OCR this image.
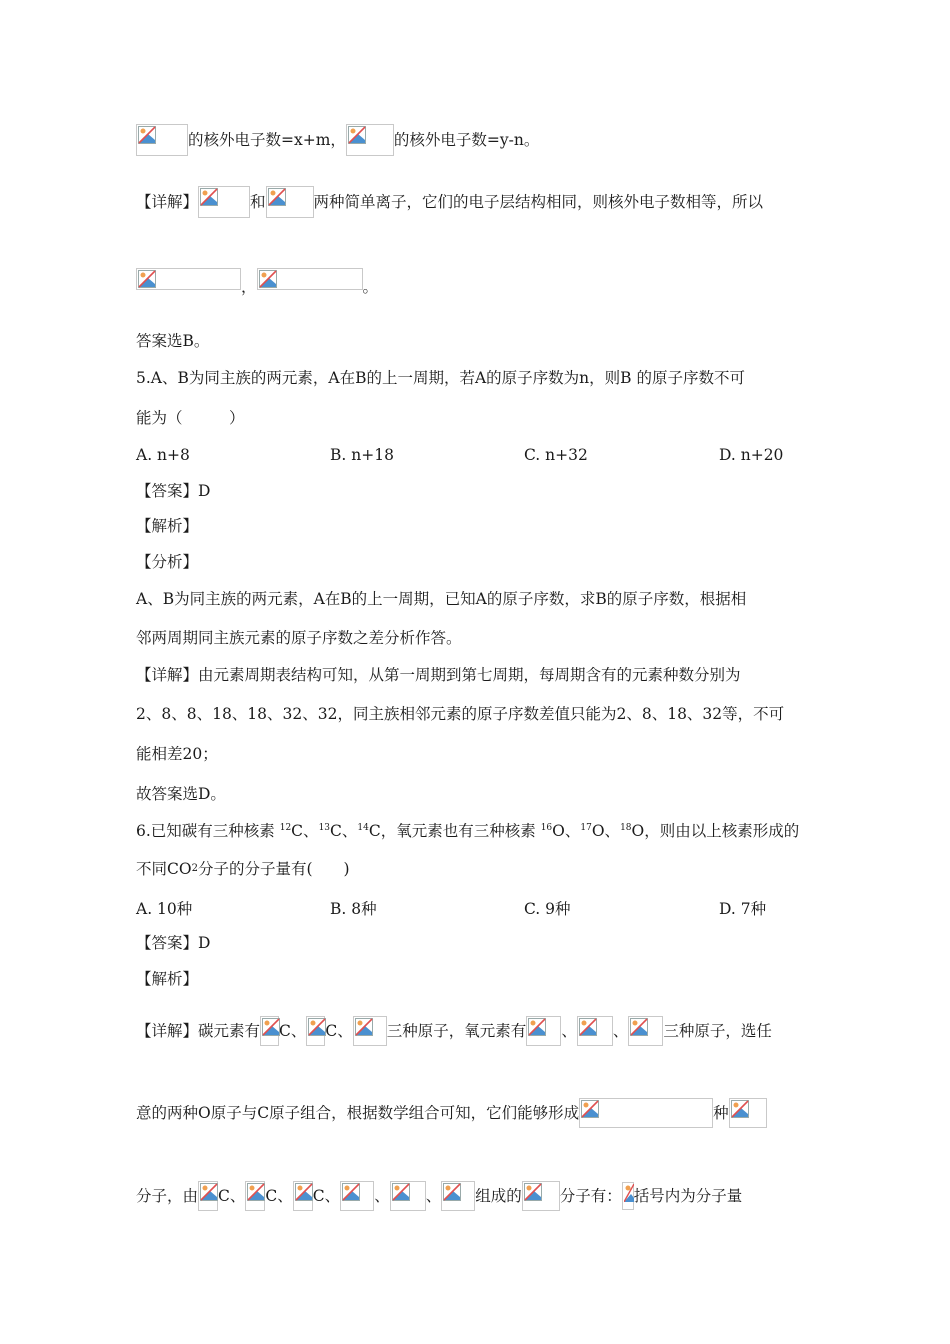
的核外电子数=x+m，	的核外电子数=y-n。
【详解】	和	两种简单离子，它们的电子层结构相同，则核外电子数相等，所以
，	。
答案选B。
5.A、B为同主族的两元素，A在B的上一周期，若A的原子序数为n，则B 的原子序数不可
能为（　　　）
A. n+8	B. n+18	C. n+32	D. n+20
【答案】D
【解析】
【分析】
A、B为同主族的两元素，A在B的上一周期，已知A的原子序数，求B的原子序数，根据相
邻两周期同主族元素的原子序数之差分析作答。
【详解】由元素周期表结构可知，从第一周期到第七周期，每周期含有的元素种数分别为
2、8、8、18、18、32、32，同主族相邻元素的原子序数差值只能为2、8、18、32等，不可
能相差20；
故答案选D。
6.已知碳有三种核素 $^{12}$C、$^{13}$C、$^{14}$C，氧元素也有三种核素 $^{16}$O、$^{17}$O、$^{18}$O，则由以上核素形成的
不同CO2分子的分子量有(　　)
A. 10种	B. 8种	C. 9种	D. 7种
【答案】D
【解析】
【详解】碳元素有 C、 C、 三种原子，氧元素有 、 、 三种原子，选任
意的两种O原子与C原子组合，根据数学组合可知，它们能够形成	种
分子，由 C、 C、 C、 、 、 组成的 分子有： 括号内为分子量
